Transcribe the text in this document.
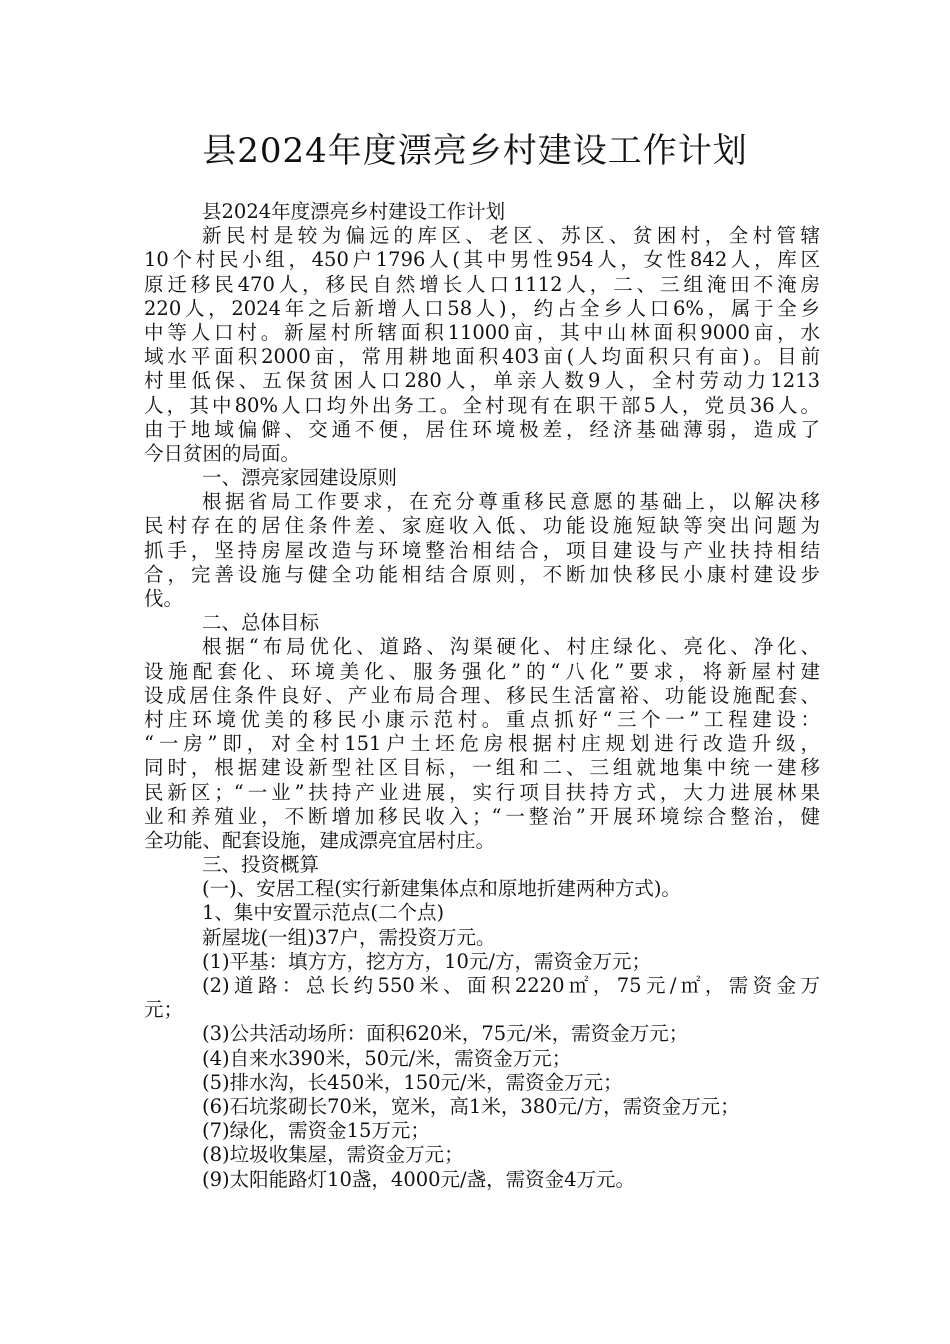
县2024年度漂亮乡村建设工作计划
县2024年度漂亮乡村建设工作计划
新民村是较为偏远的库区、老区、苏区、贫困村，全村管辖
10个村民小组，450户1796人(其中男性954人，女性842人，库区
原迁移民470人，移民自然增长人口1112人，二、三组淹田不淹房
220人，2024年之后新增人口58人)，约占全乡人口6%，属于全乡
中等人口村。新屋村所辖面积11000亩，其中山林面积9000亩，水
域水平面积2000亩，常用耕地面积403亩(人均面积只有亩)。目前
村里低保、五保贫困人口280人，单亲人数9人，全村劳动力1213
人，其中80%人口均外出务工。全村现有在职干部5人，党员36人。
由于地域偏僻、交通不便，居住环境极差，经济基础薄弱，造成了
今日贫困的局面。
一、漂亮家园建设原则
根据省局工作要求，在充分尊重移民意愿的基础上，以解决移
民村存在的居住条件差、家庭收入低、功能设施短缺等突出问题为
抓手，坚持房屋改造与环境整治相结合，项目建设与产业扶持相结
合，完善设施与健全功能相结合原则，不断加快移民小康村建设步
伐。
二、总体目标
根据“布局优化、道路、沟渠硬化、村庄绿化、亮化、净化、
设施配套化、环境美化、服务强化”的“八化”要求，将新屋村建
设成居住条件良好、产业布局合理、移民生活富裕、功能设施配套、
村庄环境优美的移民小康示范村。重点抓好“三个一”工程建设：
“一房”即，对全村151户土坯危房根据村庄规划进行改造升级，
同时，根据建设新型社区目标，一组和二、三组就地集中统一建移
民新区；“一业”扶持产业进展，实行项目扶持方式，大力进展林果
业和养殖业，不断增加移民收入；“一整治”开展环境综合整治，健
全功能、配套设施，建成漂亮宜居村庄。
三、投资概算
(一)、安居工程(实行新建集体点和原地折建两种方式)。
1、集中安置示范点(二个点)
新屋垅(一组)37户，需投资万元。
(1)平基：填方方，挖方方，10元/方，需资金万元；
(2)道路：总长约550米、面积2220㎡，75元/㎡，需资金万
元；
(3)公共活动场所：面积620米，75元/米，需资金万元；
(4)自来水390米，50元/米，需资金万元；
(5)排水沟，长450米，150元/米，需资金万元；
(6)石坑浆砌长70米，宽米，高1米，380元/方，需资金万元；
(7)绿化，需资金15万元；
(8)垃圾收集屋，需资金万元；
(9)太阳能路灯10盏，4000元/盏，需资金4万元。
